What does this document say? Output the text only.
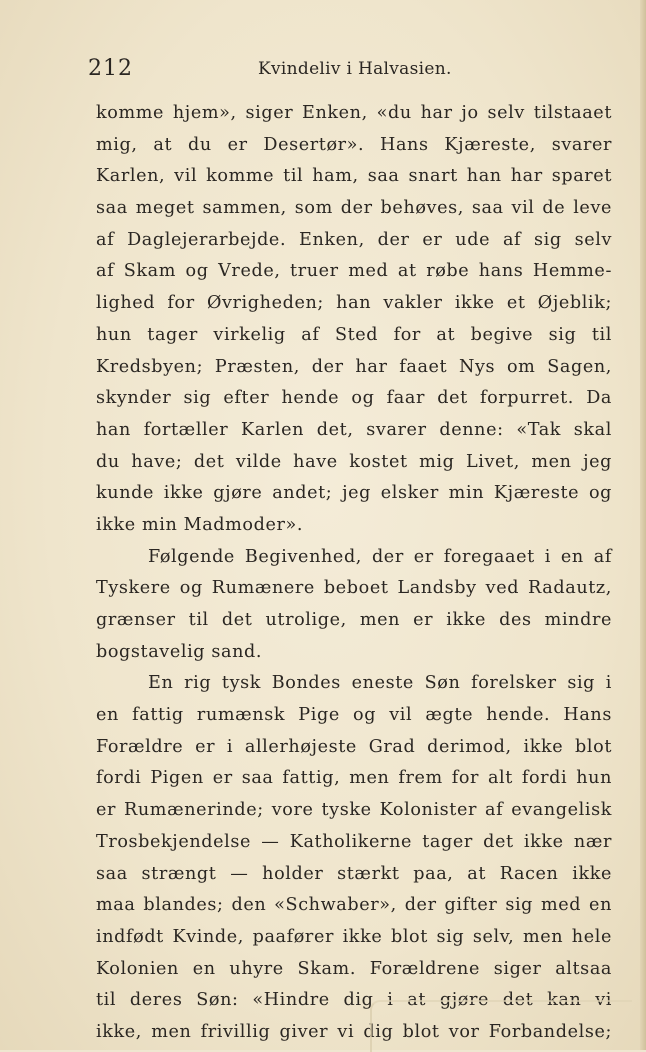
212	Kvindeliv i Halvasien.
komme hjem», siger Enken, «du har jo selv tilstaaet
mig, at du er Desertør». Hans Kjæreste, svarer
Karlen, vil komme til ham, saa snart han har sparet
saa meget sammen, som der behøves, saa vil de leve
af Daglejerarbejde. Enken, der er ude af sig selv
af Skam og Vrede, truer med at røbe hans Hemme-
lighed for Øvrigheden; han vakler ikke et Øjeblik;
hun tager virkelig af Sted for at begive sig til
Kredsbyen; Præsten, der har faaet Nys om Sagen,
skynder sig efter hende og faar det forpurret. Da
han fortæller Karlen det, svarer denne: «Tak skal
du have; det vilde have kostet mig Livet, men jeg
kunde ikke gjøre andet; jeg elsker min Kjæreste og
ikke min Madmoder».
Følgende Begivenhed, der er foregaaet i en af
Tyskere og Rumænere beboet Landsby ved Radautz,
grænser til det utrolige, men er ikke des mindre
bogstavelig sand.
En rig tysk Bondes eneste Søn forelsker sig i
en fattig rumænsk Pige og vil ægte hende. Hans
Forældre er i allerhøjeste Grad derimod, ikke blot
fordi Pigen er saa fattig, men frem for alt fordi hun
er Rumænerinde; vore tyske Kolonister af evangelisk
Trosbekjendelse — Katholikerne tager det ikke nær
saa strængt — holder stærkt paa, at Racen ikke
maa blandes; den «Schwaber», der gifter sig med en
indfødt Kvinde, paafører ikke blot sig selv, men hele
Kolonien en uhyre Skam. Forældrene siger altsaa
til deres Søn: «Hindre dig i at gjøre det kan vi
ikke, men frivillig giver vi dig blot vor Forbandelse;
